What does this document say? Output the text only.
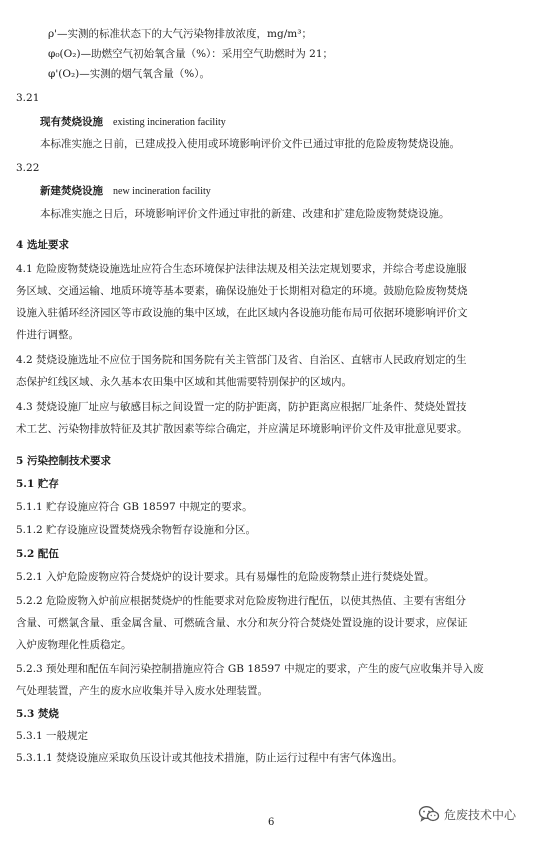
ρ'—实测的标准状态下的大气污染物排放浓度，mg/m³；
φ₀(O₂)—助燃空气初始氧含量（%）：采用空气助燃时为 21；
φ'(O₂)—实测的烟气氧含量（%）。
3.21
现有焚烧设施 existing incineration facility
本标准实施之日前，已建成投入使用或环境影响评价文件已通过审批的危险废物焚烧设施。
3.22
新建焚烧设施 new incineration facility
本标准实施之日后，环境影响评价文件通过审批的新建、改建和扩建危险废物焚烧设施。
4 选址要求
4.1 危险废物焚烧设施选址应符合生态环境保护法律法规及相关法定规划要求，并综合考虑设施服
务区域、交通运输、地质环境等基本要素，确保设施处于长期相对稳定的环境。鼓励危险废物焚烧
设施入驻循环经济园区等市政设施的集中区域，在此区域内各设施功能布局可依据环境影响评价文
件进行调整。
4.2 焚烧设施选址不应位于国务院和国务院有关主管部门及省、自治区、直辖市人民政府划定的生
态保护红线区域、永久基本农田集中区域和其他需要特别保护的区域内。
4.3 焚烧设施厂址应与敏感目标之间设置一定的防护距离，防护距离应根据厂址条件、焚烧处置技
术工艺、污染物排放特征及其扩散因素等综合确定，并应满足环境影响评价文件及审批意见要求。
5 污染控制技术要求
5.1 贮存
5.1.1 贮存设施应符合 GB 18597 中规定的要求。
5.1.2 贮存设施应设置焚烧残余物暂存设施和分区。
5.2 配伍
5.2.1 入炉危险废物应符合焚烧炉的设计要求。具有易爆性的危险废物禁止进行焚烧处置。
5.2.2 危险废物入炉前应根据焚烧炉的性能要求对危险废物进行配伍，以使其热值、主要有害组分
含量、可燃氯含量、重金属含量、可燃硫含量、水分和灰分符合焚烧处置设施的设计要求，应保证
入炉废物理化性质稳定。
5.2.3 预处理和配伍车间污染控制措施应符合 GB 18597 中规定的要求，产生的废气应收集并导入废
气处理装置，产生的废水应收集并导入废水处理装置。
5.3 焚烧
5.3.1 一般规定
5.3.1.1 焚烧设施应采取负压设计或其他技术措施，防止运行过程中有害气体逸出。
6
危废技术中心
